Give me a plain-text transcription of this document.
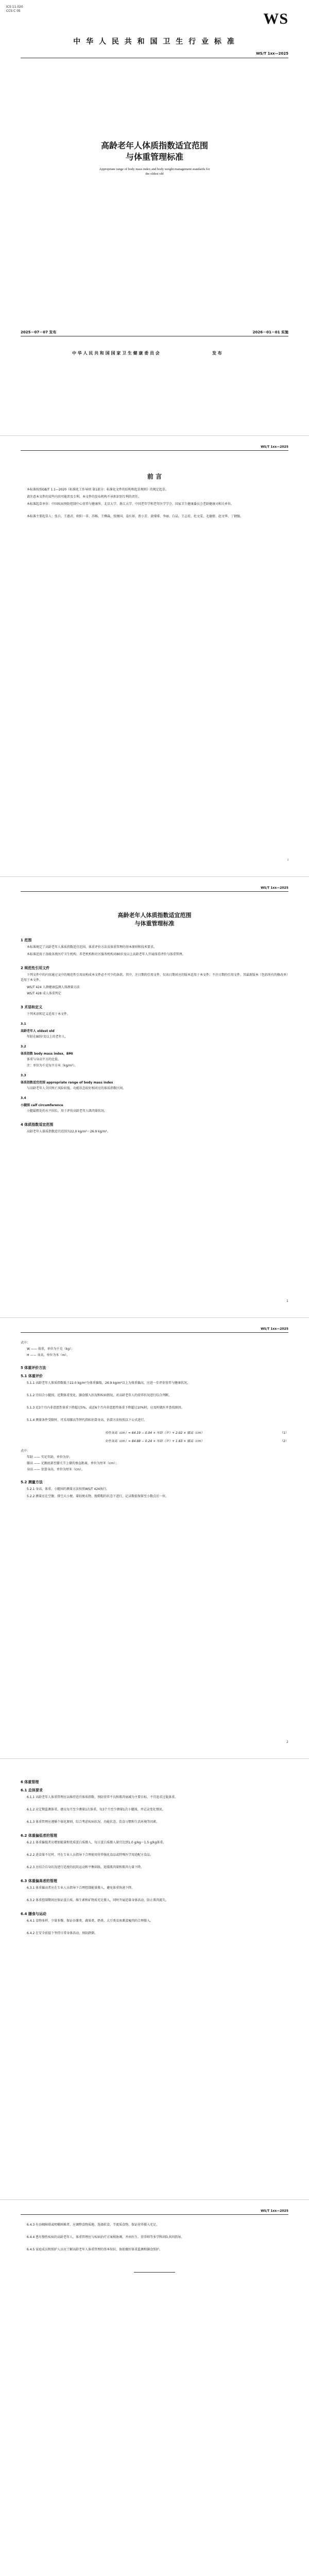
ICS 11.020
CCS C 05	WS
中 华 人 民 共 和 国 卫 生 行 业 标 准
WS/T 1xx—2025
高龄老年人体质指数适宜范围
与体重管理标准
Appropriate range of body mass index and body weight management standards for
the oldest old
2025－07－07 发布	2026－01－01 实施
中 华 人 民 共 和 国 国 家 卫 生 健 康 委 员 会	发 布
WS/T 1xx—2025
前 言
本标准按照GB/T 1.1—2020《标准化工作导则 第1部分：标准化文件的结构和起草规则》的规定起草。
请注意本文件的某些内容可能涉及专利。本文件的发布机构不承担识别专利的责任。
本标准起草单位：中国疾病预防控制中心营养与健康所、北京大学、浙江大学、中国老年学和老年医学学会、国家卫生健康委员会老龄健康司相关单位。
本标准主要起草人：张兵、王惠君、欧阳一非、苏畅、王柳森、张继国、姜红如、贾小芳、黄绯绯、李丽、白晶、王志宏、杜文雯、毛德倩、赵文华、丁钢强。
I
WS/T 1xx—2025
高龄老年人体质指数适宜范围
与体重管理标准
1 范围
本标准规定了高龄老年人体质指数适宜范围、体重评价方法及体重管理的基本原则和技术要求。
本标准适用于各级各类医疗卫生机构、养老机构和社区服务机构对80岁及以上高龄老年人开展体重评价与体重管理。
2 规范性引用文件
下列文件中的内容通过文中的规范性引用而构成本文件必不可少的条款。其中，注日期的引用文件，仅该日期对应的版本适用于本文件；不注日期的引用文件，其最新版本（包括所有的修改单）适用于本文件。
WS/T 424 人群健康监测人体测量方法
WS/T 428 成人体重判定
3 术语和定义
下列术语和定义适用于本文件。
3.1
高龄老年人 oldest old
年龄在80岁及以上的老年人。
3.2
体质指数 body mass index，BMI
体重与身高平方的比值。
注：单位为千克每平方米（kg/m²）。
3.3
体质指数适宜范围 appropriate range of body mass index
与高龄老年人全因死亡风险较低、功能状态较好相对应的体质指数区间。
3.4
小腿围 calf circumference
小腿最粗处的水平围长，用于评价高龄老年人肌肉量状况。
4 体质指数适宜范围
高龄老年人体质指数适宜范围为22.0 kg/m²～26.9 kg/m²。
1
WS/T 1xx—2025
式中：
W —— 体重，单位为千克（kg）；
H —— 身高，单位为米（m）。
5 体重评价方法
5.1 体重评价
5.1.1 高龄老年人体质指数低于22.0 kg/m²为体重偏低，26.9 kg/m²以上为体重偏高，应进一步评估营养与健康状况。
5.1.2 宜结合小腿围、近期体重变化、膳食摄入状况和疾病情况，对高龄老年人的营养状况进行综合判断。
5.1.3 近3个月内非意愿性体重下降超过5%，或近6个月内非意愿性体重下降超过10%时，应及时就医并查找原因。
5.1.4 测量条件受限时，可采用膝高等替代指标估算身高，估算方法按照以下公式进行。
男性身高（cm）= 64.19 − 0.04 × 年龄（岁）+ 2.02 × 膝高（cm）	（1）
女性身高（cm）= 84.88 − 0.24 × 年龄（岁）+ 1.83 × 膝高（cm）	（2）
式中：
年龄 —— 实足年龄，单位为岁；
膝高 —— 足跟底部至膝关节上缘的垂直距离，单位为厘米（cm）；
身高 —— 估算身高，单位为厘米（cm）。
5.2 测量方法
5.2.1 身高、体重、小腿围的测量方法按照WS/T 424执行。
5.2.2 测量应在空腹、排空大小便、着轻便衣物、脱鞋帽的状态下进行，记录数值保留至小数点后一位。
2
6 体重管理
6.1 总体要求
6.1.1 高龄老年人体重管理应以维持适宜体质指数、预防营养不良和肌肉衰减为主要目标，不宜追求过低体重。
6.1.2 应定期监测体重，建议每月至少测量1次体重，每3个月至少测量1次小腿围，并记录变化情况。
6.1.3 体重管理应遵循个体化原则，综合考虑疾病状况、功能状态、饮食习惯和生活环境等因素。
6.2 体重偏低者的管理
6.2.1 体重偏低者应增加能量和优质蛋白质摄入，每日蛋白质摄入量宜达到1.0 g/kg～1.5 g/kg体重。
6.2.2 进食量不足时，可在专业人员指导下合理使用营养强化食品或特殊医学用途配方食品。
6.2.3 应结合自身状况进行适度的抗阻运动和平衡训练，延缓肌肉量和肌肉力量下降。
6.3 体重偏高者的管理
6.3.1 体重偏高者应在专业人员指导下合理控制能量摄入，避免体重快速下降。
6.3.2 体重控制期间应保证蛋白质、维生素和矿物质充足摄入，同时开展适量身体活动，防止肌肉流失。
6.4 膳食与运动
6.4.1 食物多样、少量多餐，保证谷薯类、蔬果类、奶类、大豆类及鱼禽蛋瘦肉的合理摄入。
6.4.2 在安全前提下坚持日常身体活动，预防跌倒。
WS/T 1xx—2025
6.4.3 有吞咽障碍或咀嚼困难者，应调整食物质地，选择软食、半流质食物，保证营养摄入充足。
6.4.4 患有慢性疾病的高龄老年人，体重管理应与疾病治疗方案相协调，并由医生、营养师等多学科团队共同指导。
6.4.5 家庭成员和照护人员应了解高龄老年人体重管理的基本知识，协助做好体重监测和膳食照护。
